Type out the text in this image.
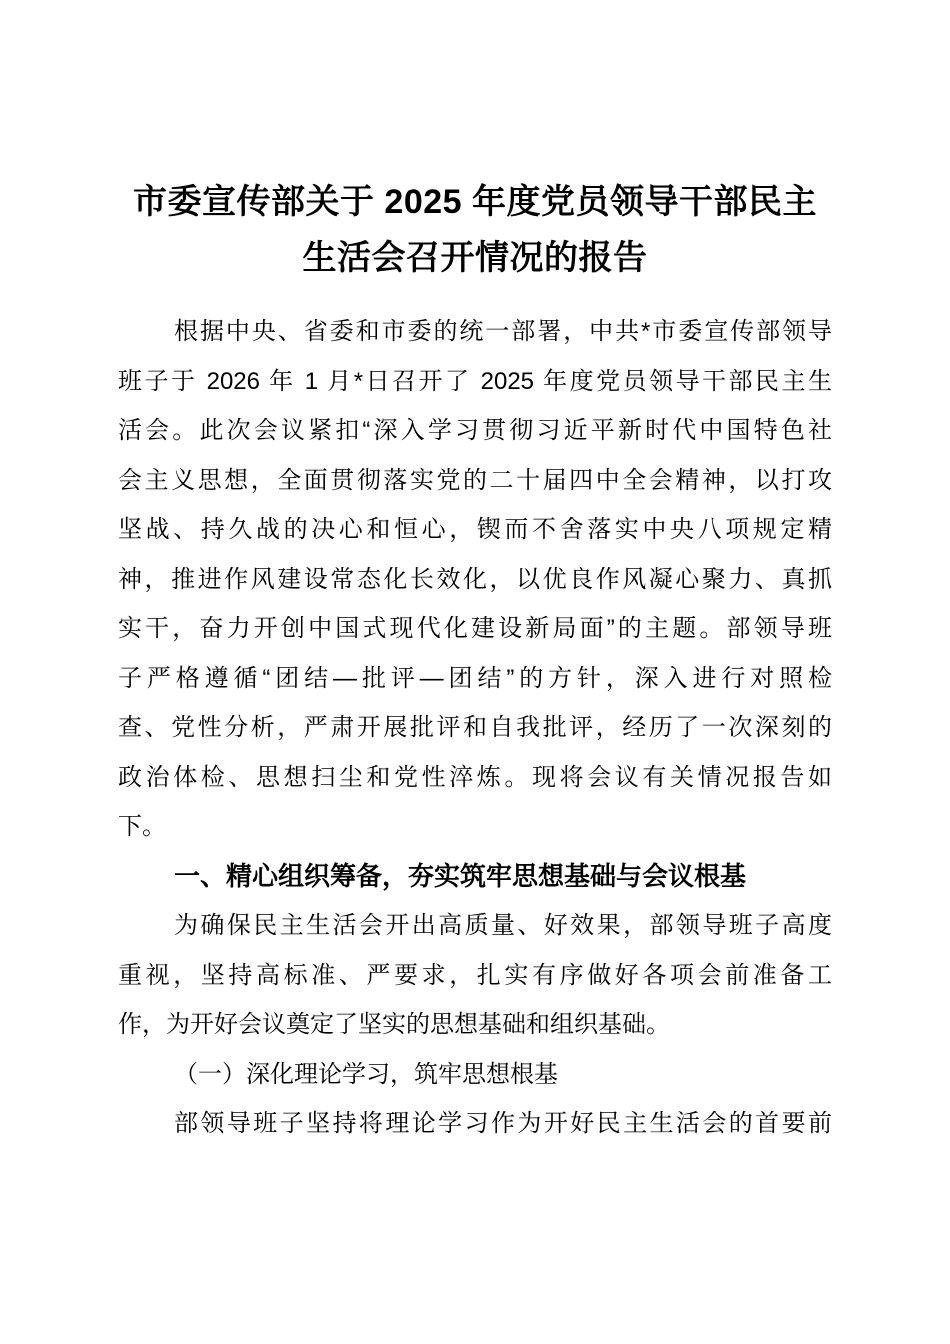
市委宣传部关于 2025 年度党员领导干部民主
生活会召开情况的报告
根据中央、省委和市委的统一部署，中共*市委宣传部领导
班子于 2026 年 1 月*日召开了 2025 年度党员领导干部民主生
活会。此次会议紧扣“深入学习贯彻习近平新时代中国特色社
会主义思想，全面贯彻落实党的二十届四中全会精神，以打攻
坚战、持久战的决心和恒心，锲而不舍落实中央八项规定精
神，推进作风建设常态化长效化，以优良作风凝心聚力、真抓
实干，奋力开创中国式现代化建设新局面”的主题。部领导班
子严格遵循“团结—批评—团结”的方针，深入进行对照检
查、党性分析，严肃开展批评和自我批评，经历了一次深刻的
政治体检、思想扫尘和党性淬炼。现将会议有关情况报告如
下。
一、精心组织筹备，夯实筑牢思想基础与会议根基
为确保民主生活会开出高质量、好效果，部领导班子高度
重视，坚持高标准、严要求，扎实有序做好各项会前准备工
作，为开好会议奠定了坚实的思想基础和组织基础。
（一）深化理论学习，筑牢思想根基
部领导班子坚持将理论学习作为开好民主生活会的首要前
